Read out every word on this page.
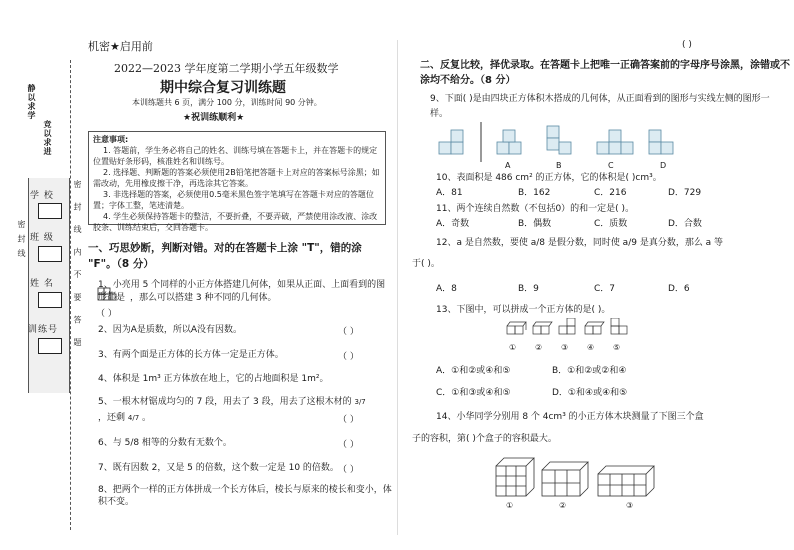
静以求学
竞以求进
学 校
班 级
姓 名
训练号
密 封 线	密 封 线 内 不 要 答 题
机密★启用前
2022—2023 学年度第二学期小学五年级数学
期中综合复习训练题
本训练题共 6 页，满分 100 分，训练时间 90 分钟。
★祝训练顺利★
注意事项:
1. 答题前，学生务必将自己的姓名、训练号填在答题卡上，并在答题卡的规定位置贴好条形码，核准姓名和训练号。
2. 选择题、判断题的答案必须使用2B铅笔把答题卡上对应的答案标号涂黑；如需改动，先用橡皮擦干净，再选涂其它答案。
3. 非选择题的答案，必须使用0.5毫米黑色签字笔填写在答题卡对应的答题位置；字体工整，笔迹清楚。
4. 学生必须保持答题卡的整洁，不要折叠，不要弄破，严禁使用涂改液、涂改胶条、训练结束后，交回答题卡。
一、巧思妙断，判断对错。对的在答题卡上涂 "T"，错的涂 "F"。（8 分）
1、小亮用 5 个同样的小正方体搭建几何体，如果从正面、上面看到的图形都 是 ，那么可以搭建 3 种不同的几何体。
（ ）
2、因为A是质数，所以A没有因数。	（ ）
3、有两个面是正方体的长方体一定是正方体。	（ ）
4、体积是 1m³ 正方体放在地上，它的占地面积是 1m²。
5、一根木材锯成均匀的 7 段，用去了 3 段，用去了这根木材的 3/7
，还剩 4/7 。	（ ）
6、与 5/8 相等的分数有无数个。	（ ）
7、既有因数 2，又是 5 的倍数，这个数一定是 10 的倍数。 （ ）
8、把两个一样的正方体拼成一个长方体后，棱长与原来的棱长和变小，体积不变。
( )
二、反复比较，择优录取。在答题卡上把唯一正确答案前的字母序号涂黑，涂错或不涂均不给分。（8 分）
9、下面( )是由四块正方体积木搭成的几何体，从正面看到的图形与实线左侧的图形一样。
A	B	C	D
10、表面积是 486 cm² 的正方体，它的体积是( )cm³。
A．81	B．162	C．216	D．729
11、两个连续自然数（不包括0）的和一定是( )。
A．奇数	B．偶数	C．质数	D．合数
12、a 是自然数，要使 a/8 是假分数，同时使 a/9 是真分数，那么 a 等
于( )。
A．8	B．9	C．7	D．6
13、下图中，可以拼成一个正方体的是( )。
① ② ③ ④ ⑤
A．①和②或④和⑤	B．①和②或②和④
C．①和③或④和⑤	D．①和④或④和⑤
14、小华同学分别用 8 个 4cm³ 的小正方体木块测量了下图三个盒
子的容积，第( )个盒子的容积最大。
①	②	③
